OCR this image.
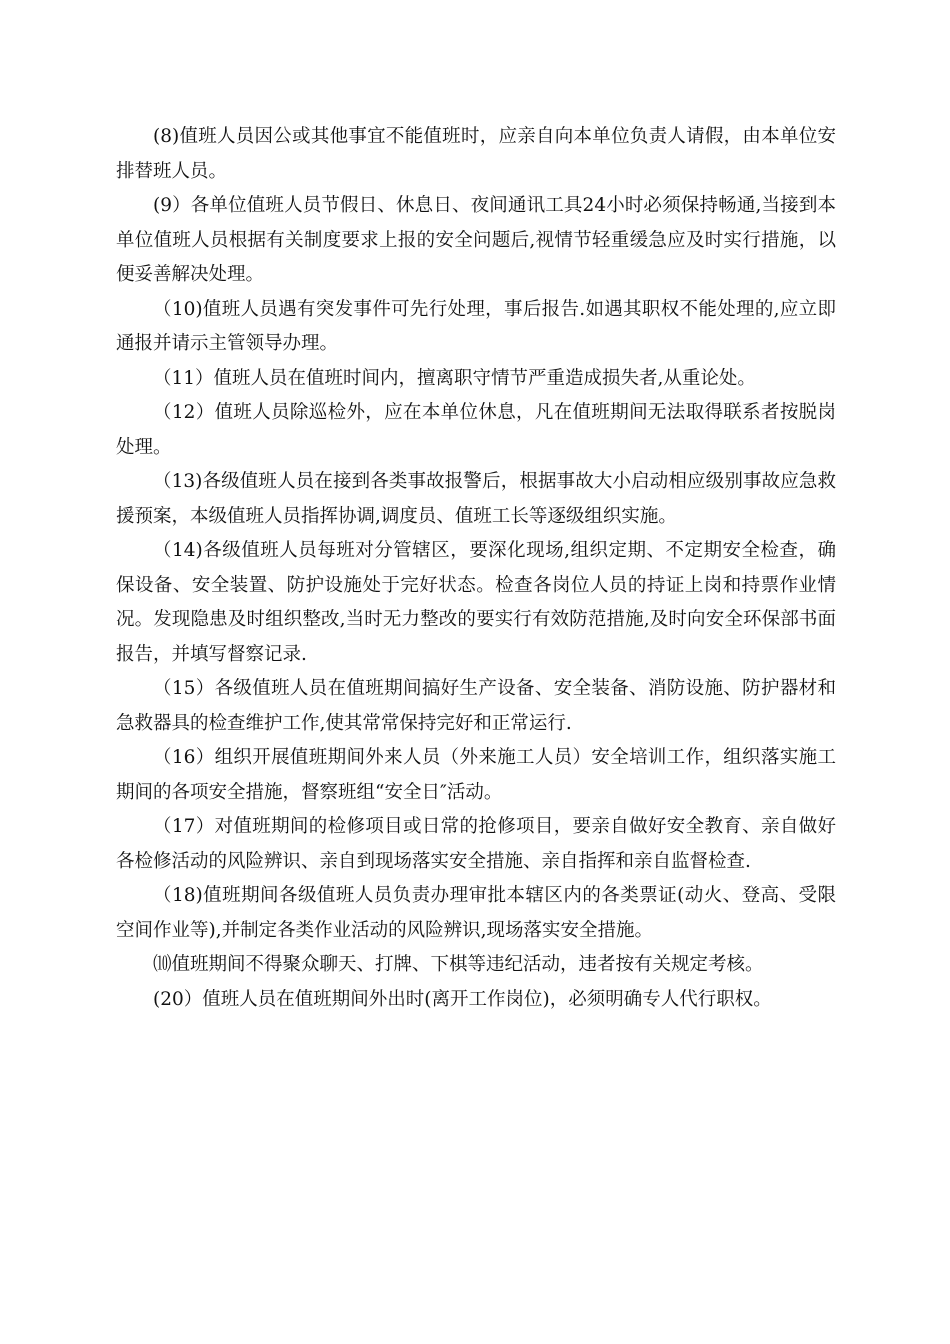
(8)值班人员因公或其他事宜不能值班时，应亲自向本单位负责人请假，由本单位安排替班人员。

(9）各单位值班人员节假日、休息日、夜间通讯工具24小时必须保持畅通,当接到本单位值班人员根据有关制度要求上报的安全问题后,视情节轻重缓急应及时实行措施，以便妥善解决处理。

（10)值班人员遇有突发事件可先行处理，事后报告.如遇其职权不能处理的,应立即通报并请示主管领导办理。

（11）值班人员在值班时间内，擅离职守情节严重造成损失者,从重论处。

（12）值班人员除巡检外，应在本单位休息，凡在值班期间无法取得联系者按脱岗处理。

（13)各级值班人员在接到各类事故报警后，根据事故大小启动相应级别事故应急救援预案，本级值班人员指挥协调,调度员、值班工长等逐级组织实施。

（14)各级值班人员每班对分管辖区，要深化现场,组织定期、不定期安全检查，确保设备、安全装置、防护设施处于完好状态。检查各岗位人员的持证上岗和持票作业情况。发现隐患及时组织整改,当时无力整改的要实行有效防范措施,及时向安全环保部书面报告，并填写督察记录.

（15）各级值班人员在值班期间搞好生产设备、安全装备、消防设施、防护器材和急救器具的检查维护工作,使其常常保持完好和正常运行.

（16）组织开展值班期间外来人员（外来施工人员）安全培训工作，组织落实施工期间的各项安全措施，督察班组“安全日″活动。

（17）对值班期间的检修项目或日常的抢修项目，要亲自做好安全教育、亲自做好各检修活动的风险辨识、亲自到现场落实安全措施、亲自指挥和亲自监督检查.

（18)值班期间各级值班人员负责办理审批本辖区内的各类票证(动火、登高、受限空间作业等),并制定各类作业活动的风险辨识,现场落实安全措施。

⑽值班期间不得聚众聊天、打牌、下棋等违纪活动，违者按有关规定考核。

(20）值班人员在值班期间外出时(离开工作岗位)，必须明确专人代行职权。
